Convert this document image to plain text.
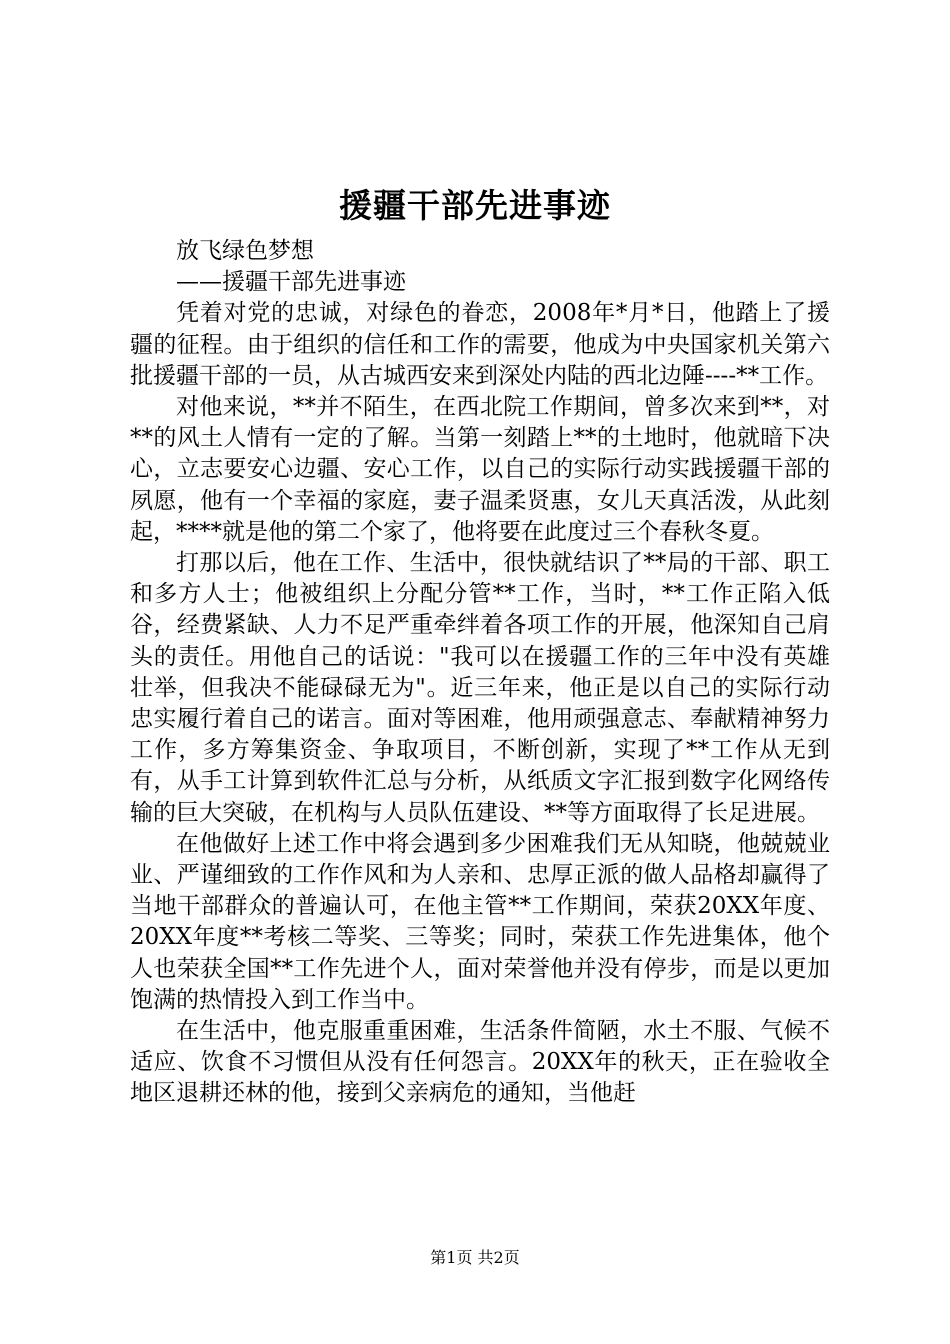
援疆干部先进事迹

放飞绿色梦想

——援疆干部先进事迹

凭着对党的忠诚，对绿色的眷恋，2008年*月*日，他踏上了援疆的征程。由于组织的信任和工作的需要，他成为中央国家机关第六批援疆干部的一员，从古城西安来到深处内陆的西北边陲----**工作。

对他来说，**并不陌生，在西北院工作期间，曾多次来到**，对**的风土人情有一定的了解。当第一刻踏上**的土地时，他就暗下决心，立志要安心边疆、安心工作，以自己的实际行动实践援疆干部的夙愿，他有一个幸福的家庭，妻子温柔贤惠，女儿天真活泼，从此刻起，****就是他的第二个家了，他将要在此度过三个春秋冬夏。

打那以后，他在工作、生活中，很快就结识了**局的干部、职工和多方人士；他被组织上分配分管**工作，当时，**工作正陷入低谷，经费紧缺、人力不足严重牵绊着各项工作的开展，他深知自己肩头的责任。用他自己的话说："我可以在援疆工作的三年中没有英雄壮举，但我决不能碌碌无为"。近三年来，他正是以自己的实际行动忠实履行着自己的诺言。面对等困难，他用顽强意志、奉献精神努力工作，多方筹集资金、争取项目，不断创新，实现了**工作从无到有，从手工计算到软件汇总与分析，从纸质文字汇报到数字化网络传输的巨大突破，在机构与人员队伍建设、**等方面取得了长足进展。

在他做好上述工作中将会遇到多少困难我们无从知晓，他兢兢业业、严谨细致的工作作风和为人亲和、忠厚正派的做人品格却赢得了当地干部群众的普遍认可，在他主管**工作期间，荣获20XX年度、20XX年度**考核二等奖、三等奖；同时，荣获工作先进集体，他个人也荣获全国**工作先进个人，面对荣誉他并没有停步，而是以更加饱满的热情投入到工作当中。

在生活中，他克服重重困难，生活条件简陋，水土不服、气候不适应、饮食不习惯但从没有任何怨言。20XX年的秋天，正在验收全地区退耕还林的他，接到父亲病危的通知，当他赶

第1页 共2页
